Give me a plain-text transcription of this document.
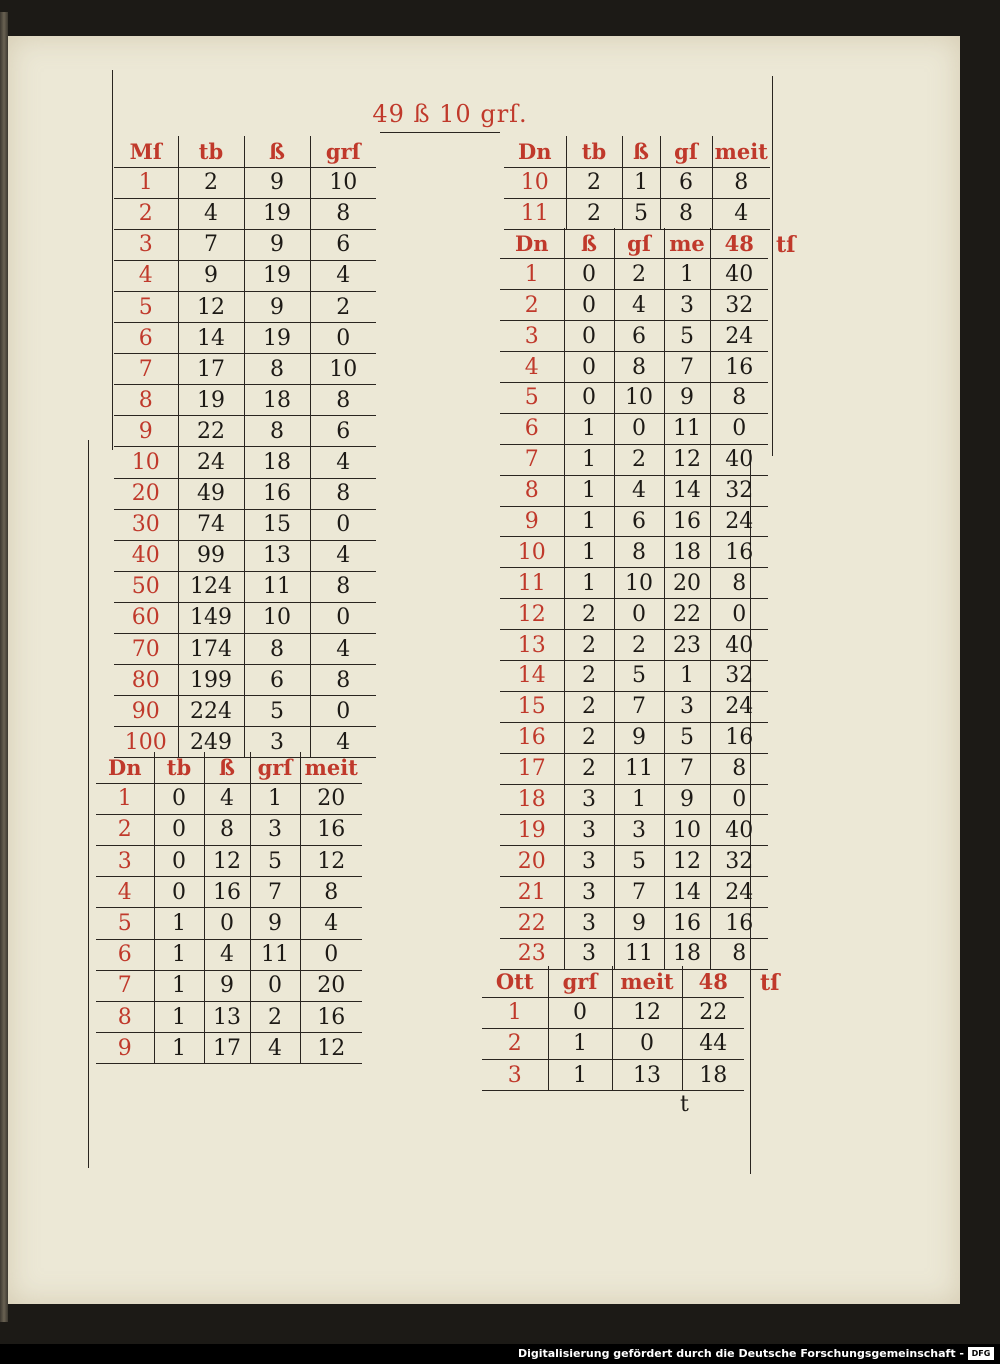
49 ß 10 grſ.
Mſ	tb	ß	grſ
1	2	9	10
2	4	19	8
3	7	9	6
4	9	19	4
5	12	9	2
6	14	19	0
7	17	8	10
8	19	18	8
9	22	8	6
10	24	18	4
20	49	16	8
30	74	15	0
40	99	13	4
50	124	11	8
60	149	10	0
70	174	8	4
80	199	6	8
90	224	5	0
100	249	3	4
Dn	tb	ß	grſ	meit
1	0	4	1	20
2	0	8	3	16
3	0	12	5	12
4	0	16	7	8
5	1	0	9	4
6	1	4	11	0
7	1	9	0	20
8	1	13	2	16
9	1	17	4	12
Dn	tb	ß	gſ	meit
10	2	1	6	8
11	2	5	8	4
Dn	ß	gſ	me	48
1	0	2	1	40
2	0	4	3	32
3	0	6	5	24
4	0	8	7	16
5	0	10	9	8
6	1	0	11	0
7	1	2	12	40
8	1	4	14	32
9	1	6	16	24
10	1	8	18	16
11	1	10	20	8
12	2	0	22	0
13	2	2	23	40
14	2	5	1	32
15	2	7	3	24
16	2	9	5	16
17	2	11	7	8
18	3	1	9	0
19	3	3	10	40
20	3	5	12	32
21	3	7	14	24
22	3	9	16	16
23	3	11	18	8
tſ
Ott	grſ	meit	48
1	0	12	22
2	1	0	44
3	1	13	18
tſ
t
Digitalisierung gefördert durch die Deutsche Forschungsgemeinschaft - DFG
